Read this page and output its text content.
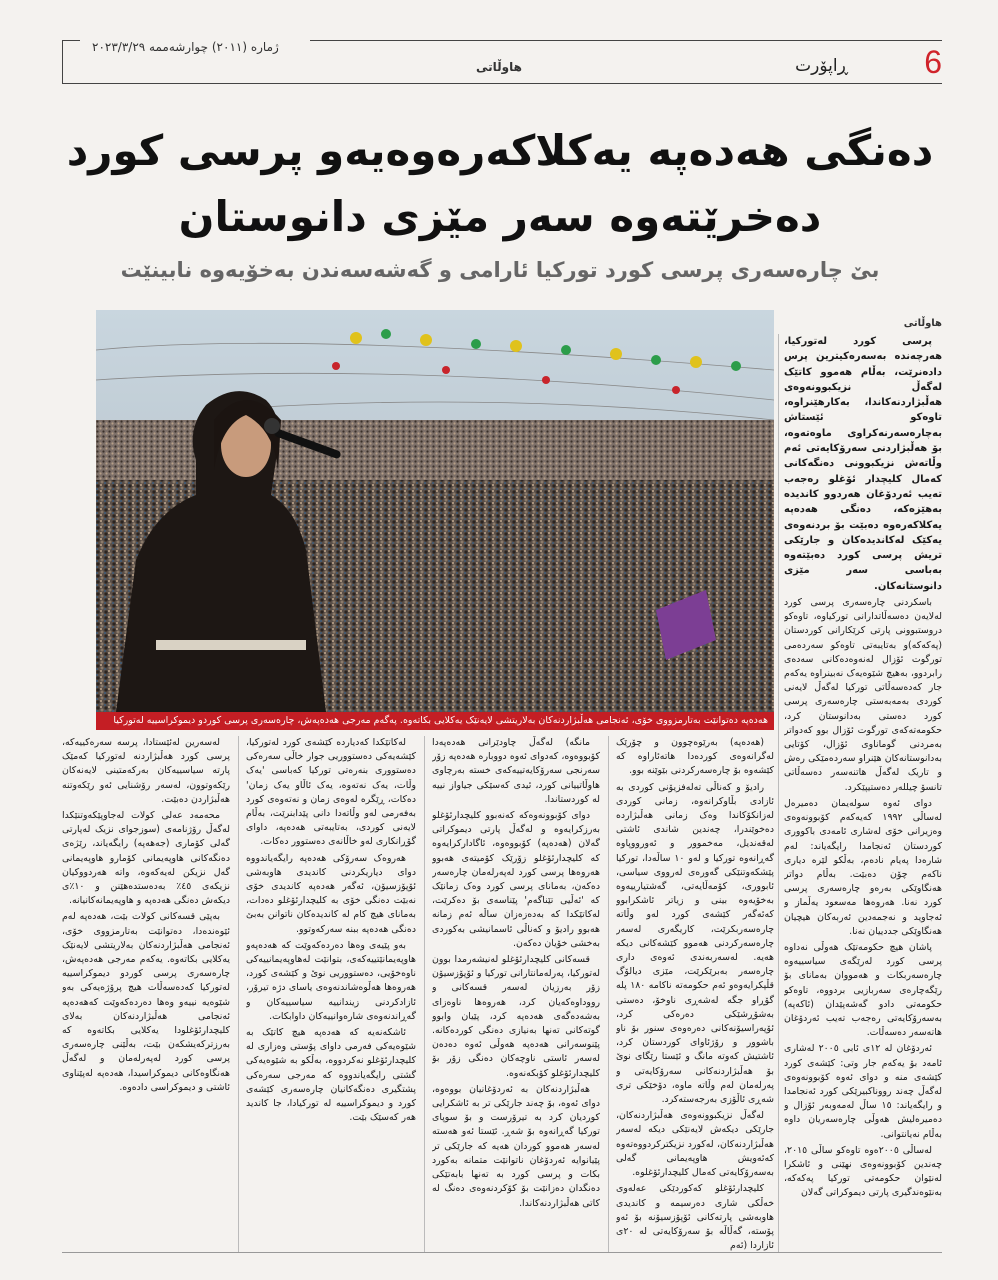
ژمارە (٢٠١١) چوارشەممە ٢٠٢٣/٣/٢٩
هاوڵاتی	ڕاپۆرت 6
دەنگی هەدەپە یەکلاکەرەوەیەو پرسی کورد
دەخرێتەوە سەر مێزی دانوستان
بێ چارەسەری پرسی کورد تورکیا ئارامی و گەشەسەندن بەخۆیەوە نابینێت
هەدەپە دەتوانێت بەتارمزووی خۆی، ئەنجامی هەڵبژاردنەکان بەلاریتشی لایەنێک یەکلایی بکاتەوە. پەگەم مەرجی هەدەپەش، چارەسەری پرسی کوردو دیموکراسییە لەتورکیا
هاوڵاتی

پرسی کورد لەتورکیا، هەرچەندە بەسەرەکیترین پرس دادەنرێت، بەڵام هەموو کاتێک لەگەڵ نزیکبوونەوەی هەڵبژاردنەکاندا، بەکارهێنراوە، تاوەکو ئێستاش بەچارەسەرنەکراوی ماوەتەوە، بۆ هەڵبژاردنی سەرۆکایەتی ئەم وڵاتەش نزیکبوونی دەنگەکانی کەمال کلیچدار ئۆغلو رەجەب تەیب ئەردۆغان هەردوو کاندیدە بەهێزەکە، دەنگی هەدەپە یەکلاکەرەوە دەبێت بۆ بردنەوەی یەکێک لەکاندیدەکان و جارێکی تریش پرسی کورد دەبێتەوە بەباسی سەر مێزی دانوستانەکان.

باسکردنی چارەسەری پرسی کورد لەلایەن دەسەڵاتدارانی تورکیاوە، تاوەکو دروستبوونی پارتی کرێکارانی کوردستان (پەکەکە)و بەتایبەتی تاوەکو سەردەمی تورگوت ئۆزال لەنەوەدەکانی سەدەی رابردوو، بەهیچ شێوەیەک نەبینراوە یەکەم جار کەدەسەڵاتی تورکیا لەگەڵ لایەنی کوردی بەمەبەستی چارەسەری پرسی کورد دەستی بەدانوستان کرد، حکومەتەکەی تورگوت ئۆزال بوو کەدواتر بەمردنی گوماناوی ئۆزال، کۆتایی بەدانوستانەکان هێنراو سەردەمێکی رەش و تاریک لەگەڵ هاتنەسەر دەسەڵاتی تانسۆ چیللەر دەستیپێکرد.

دوای ئەوە سولەیمان دەمیرەل لەساڵی ١٩٩٢ کەیەکەم کۆبوونەوەی وەزیرانی خۆی لەشاری ئامەدی باکووری کوردستان ئەنجامدا رایگەیاند: لەم شارەدا پەیام نادەم، بەڵکو لێرە دیاری ناکەم چۆن دەبێت. بەڵام دواتر هەنگاوێکی بەرەو چارەسەری پرسی کورد نەنا. هەروەها مەسعود یەڵماز و ئەجاوید و نەجمەدین ئەربەکان هیچیان هەنگاوێکی جددییان نەنا.

پاشان هیچ حکومەتێک هەوڵی نەداوە پرسی کورد لەرێگەی سیاسییەوە چارەسەربکات و هەمووان بەمانای بۆ رێگەچارەی سەربازیی بردووە، تاوەکو حکومەتی دادو گەشەپێدان (ئاکەپە) بەسەرۆکایەتی رەجەب تەیب ئەردۆغان هاتەسەر دەسەڵات.

ئەردۆغان لە ١٢ی ئابی ٢٠٠٥ لەشاری ئامەد بۆ یەکەم جار وتی: کێشەی کورد کێشەی منە و دوای ئەوە کۆبوونەوەی لەگەڵ چەند رووناکبیرێکی کورد ئەنجامدا و رایگەیاند: ١٥ ساڵ لەمەوبەر ئۆزال و دەمیرەلیش هەوڵی چارەسەریان داوە بەڵام نەیانتوانی.

لەساڵی ٢٠٠٥ەوە تاوەکو ساڵی ٢٠١٥، چەندین کۆبوونەوەی نهێنی و ئاشکرا لەنێوان حکومەتی تورکیا پەکەکە، بەنێوەندگیری پارتی دیموکراتی گەلان

(هەدەپە) بەرێوەچوون و چۆرێک لەگرانەوەی کوردەدا هاتەئاراوە کە کێشەوە بۆ چارەسەرکردنی بێوێنە بوو.

رادیۆ و کەناڵی تەلەفزیۆنی کوردی بە ئازادی بڵاوکرانەوە، زمانی کوردی لەزانکۆکاندا وەک زمانی هەڵبژاردە دەخوێندرا، چەندین شاندی ئاشتی لەقەندیل، مەخموور و ئەورووپاوە گەڕانەوە تورکیا و لەو ١٠ ساڵەدا، تورکیا پێشکەوتنێکی گەورەی لەرووی سیاسی، ئابووری، کۆمەڵایەتی، گەشتیارییەوە بەخۆیەوە بینی و زیاتر ئاشکرابوو کەئەگەر کێشەی کورد لەو وڵاتە چارەسەربکرێت، کاریگەری لەسەر چارەسەرکردنی هەموو کێشەکانی دیکە هەیە. لەسەربەندی ئەوەی داری چارەسەر بەبرێکرێت، مێزی دیالۆگ قڵپکرایەوەو ئەم حکومەتە ناکامە ١٨٠ پلە گۆڕاو جگە لەشەڕی ناوخۆ، دەستی بەشۆڕشێکی دەرەکی کرد، ئۆپەراسیۆنەکانی دەرەوەی سنور بۆ ناو باشوور و رۆژئاوای کوردستان کرد، ئاشتیش کەوتە مانگ و ئێستا رێگای نوێ بۆ هەڵبژاردنەکانی سەرۆکایەتی و پەرلەمان لەم وڵاتە ماوە، دۆخێکی تری شەڕی ئاڵۆزی بەرجەستەکرد.

لەگەڵ نزیکبوونەوەی هەڵبژاردنەکان، جارێکی دیکەش لایەنێکی دیکە لەسەر هەڵبژاردنەکان، لەکورد نزیکترکردووەتەوە کەئەویش هاوپەیمانی گەلی بەسەرۆکایەتی کەمال کلیچدارئۆغلوە.

کلیچدارئۆغلو کەکوردێکی عەلەوی خەڵکی شاری دەرسیمە و کاندیدی هاوبەشی پارتەکانی ئۆپۆزسیۆنە بۆ ئەو پۆستە، گەڵاڵە بۆ سەرۆکایەتی لە ٢٠ی ئازاردا (ئەم

مانگە) لەگەڵ چاودێرانی هەدەپەدا کۆبووەوە، کەدوای ئەوە دووبارە هەدەپە زۆر سەرنجی سەرۆکایەتییەکەی خستە بەرچاوی هاوڵاتییانی کورد، ئیدی کەسێکی جیاواز نییە لە کوردستاندا.

دوای کۆبوونەوەکە کەنەبوو کلیچدارئۆغلو بەرزکرایەوە و لەگەڵ پارتی دیموکراتی گەلان (هەدەپە) کۆبووەوە، ئاگادارکرایەوە کە کلیچدارئۆغلو زۆرێک کۆمیتەی هەبوو هەروەها پرسی کورد لەپەرلەمان چارەسەر دەکەن، بەمانای پرسی کورد وەک زمانێک کە 'ئەڵیی تێناگەم' پێناسەی بۆ دەکرێت، لەکاتێکدا کە بەدەزەزان ساڵە ئەم زمانە هەبوو رادیۆ و کەناڵی ئاسمانیشی بەکوردی بەخشی خۆیان دەکەن.

قسەکانی کلیچدارئۆغلو لەنیشەرمدا بوون لەتورکیا، پەرلەمانتارانی تورکیا و ئۆپۆزسیۆن زۆر بەرزیان لەسەر قسەکانی و رووداوەکەیان کرد، هەروەها ناوەزای بەشەدەگەی هەدەپە کرد، پێیان وابوو گوتەکانی تەنها بەنیازی دەنگی کوردەکانە. پێنوسەرانی هەدەپە هەوڵی ئەوە دەدەن لەسەر ئاستی ناوچەکان دەنگی زۆر بۆ کلیچدارئۆغلو کۆبکەنەوە.

هەڵبژاردنەکان بە ئەردۆغانیان بووەوە، دوای ئەوە، بۆ چەند جارێکی تر بە ئاشکرایی کوردیان کرد بە تیرۆرست و بۆ سوپای تورکیا گەڕانەوە بۆ شەڕ. ئێستا ئەو هەستە لەسەر هەموو کوردان هەیە کە جارێکی تر پێیانوایە ئەردۆغان ناتوانێت متمانە بەکورد بکات و پرسی کورد بە تەنها بابەتێکی دەنگدان دەزانێت بۆ کۆکردنەوەی دەنگ لە کاتی هەڵبژاردنەکاندا.

لەکاتێکدا کەدیاردە کێشەی کورد لەتورکیا، کێشەیەکی دەستووریی جوار خاڵی سەرەکی دەستووری بنەرەتی تورکیا کەباسی 'یەک وڵات، یەک نەتەوە، یەک ئاڵاو یەک زمان' دەکات، ڕێگرە لەوەی زمان و نەتەوەی کورد بەفەرمی لەو وڵاتەدا دانی پێدابنرێت، بەڵام لایەنی کوردی، بەتایبەتی هەدەپە، داوای گۆڕانکاری لەو خاڵانەی دەستوور دەکات.

هەروەک سەرۆکی هەدەپە رایگەیاندووە دوای دیاریکردنی کاندیدی هاوبەشی ئۆپۆزسیۆن، ئەگەر هەدەپە کاندیدی خۆی نەبێت دەنگی خۆی بە کلیچدارئۆغلو دەدات، بەمانای هیچ کام لە کاندیدەکان ناتوانن بەبێ دەنگی هەدەپە ببنە سەرکەوتوو.

بەو پێیەی وەها دەردەکەوێت کە هەدەپەو هاوپەیمانێتییەکەی، بتوانێت لەهاوپەیمانییەکی ناوەخۆیی، دەستووریی نوێ و کێشەی کورد، هەروەها هەڵوەشاندنەوەی یاسای دژە تیرۆر، ئازادکردنی زیندانییە سیاسییەکان و گەڕاندنەوەی شارەوانییەکان داوابکات.

ئاشکەنەیە کە هەدەپە هیچ کاتێک بە شێوەیەکی فەرمی داوای پۆستی وەزاری لە کلیچدارئۆغلو نەکردووە، بەڵکو بە شێوەیەکی گشتی رایگەیاندووە کە مەرجی سەرەکی پشتگیری دەنگەکانیان چارەسەری کێشەی کورد و دیموکراسییە لە تورکیادا، جا کاندید هەر کەسێک بێت.

لەسەرین لەئێستادا، پرسە سەرەکییەکە، پرسی کورد هەڵبژاردنە لەتورکیا کەمێک پارتە سیاسییەکان بەرکەمتینی لایەنەکان رێکەوتوون، لەسەر رۆشنایی ئەو رێکەوتنە هەڵبژاردن دەبێت.

محەمەد عەلی کولات لەجاوپێکەوتنێکدا لەگەڵ رۆژنامەی (سوزجوای نزیک لەپارتی گەلی کۆماری (جەهەپە) رایگەیاند، رێژەی دەنگەکانی هاوپەیمانی کۆمارو هاوپەیمانی گەل نزیکن لەیەکەوە، واتە هەردووکیان نزیکەی ٤٥٪ بەدەستدەهێنن و ١٠٪ی دیکەش دەنگی هەدەپە و هاوپەیمانەکانیانە.

بەپێی قسەکانی کولات بێت، هەدەپە لەم ئێوەندەدا، دەتوانێت بەتارمزووی خۆی، ئەنجامی هەڵبژاردنەکان بەلاریتشی لایەنێک یەکلایی بکاتەوە. یەکەم مەرجی هەدەپەش، چارەسەری پرسی کوردو دیموکراسییە لەتورکیا کەدەسەڵات هیچ پرۆژەیەکی بەو شێوەیە نییەو وەها دەردەکەوێت کەهەدەپە ئەنجامی هەڵبژاردنەکان بەلای کلیچدارئۆغلودا یەکلایی بکاتەوە کە بەرزترکەیشکەن بێت، بەڵێنی چارەسەری پرسی کورد لەپەرلەمان و لەگەڵ هەنگاوەکانی دیموکراسیدا، هەدەپە لەپێناوی ئاشتی و دیموکراسی دادەوە.
